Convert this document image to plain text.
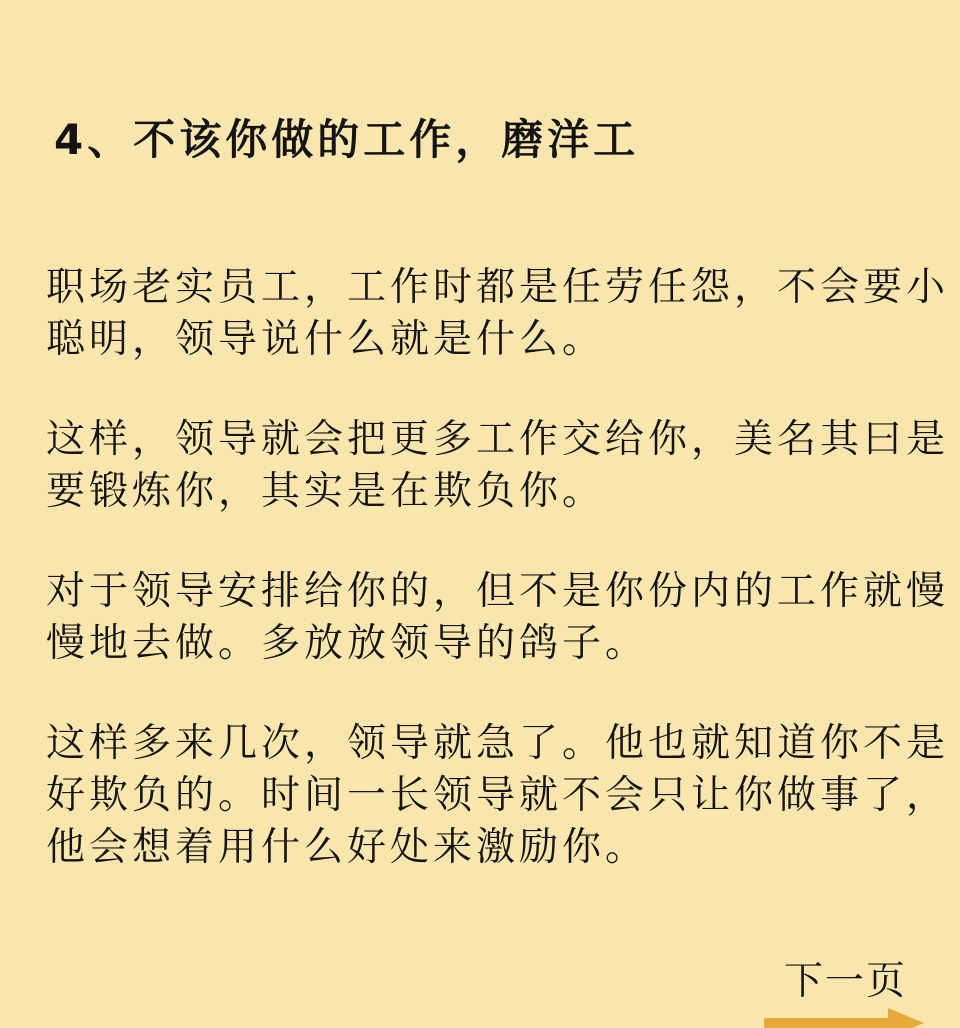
4、不该你做的工作，磨洋工

职场老实员工，工作时都是任劳任怨，不会要小
聪明，领导说什么就是什么。

这样，领导就会把更多工作交给你，美名其曰是
要锻炼你，其实是在欺负你。

对于领导安排给你的，但不是你份内的工作就慢
慢地去做。多放放领导的鸽子。

这样多来几次，领导就急了。他也就知道你不是
好欺负的。时间一长领导就不会只让你做事了，
他会想着用什么好处来激励你。

下一页
